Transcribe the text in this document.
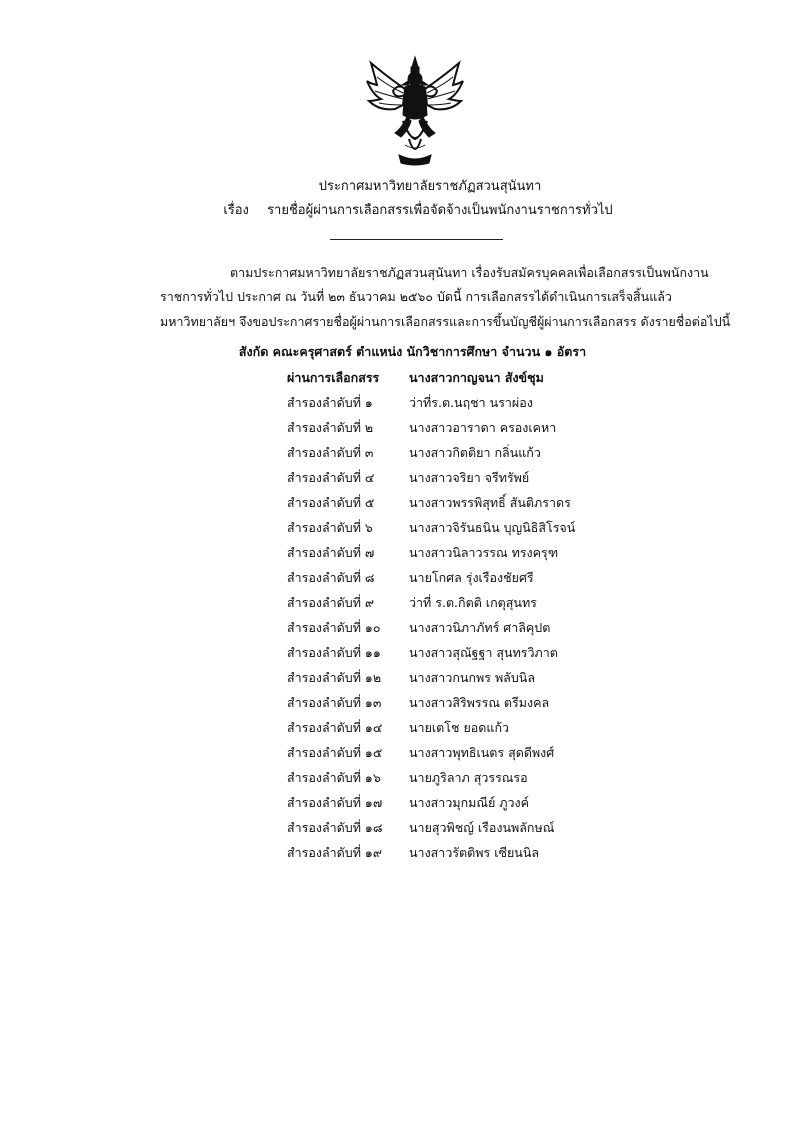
ประกาศมหาวิทยาลัยราชภัฏสวนสุนันทา
เรื่อง รายชื่อผู้ผ่านการเลือกสรรเพื่อจัดจ้างเป็นพนักงานราชการทั่วไป
ตามประกาศมหาวิทยาลัยราชภัฏสวนสุนันทา เรื่องรับสมัครบุคคลเพื่อเลือกสรรเป็นพนักงาน
ราชการทั่วไป ประกาศ ณ วันที่ ๒๓ ธันวาคม ๒๕๖๐ บัดนี้ การเลือกสรรได้ดำเนินการเสร็จสิ้นแล้ว
มหาวิทยาลัยฯ จึงขอประกาศรายชื่อผู้ผ่านการเลือกสรรและการขึ้นบัญชีผู้ผ่านการเลือกสรร ดังรายชื่อต่อไปนี้
สังกัด คณะครุศาสตร์ ตำแหน่ง นักวิชาการศึกษา จำนวน ๑ อัตรา
ผ่านการเลือกสรร	นางสาวกาญจนา สังข์ชุม
สำรองลำดับที่ ๑	ว่าที่ร.ต.นฤชา นราผ่อง
สำรองลำดับที่ ๒	นางสาวอาราดา ครองเคหา
สำรองลำดับที่ ๓	นางสาวกิตติยา กลิ่นแก้ว
สำรองลำดับที่ ๔	นางสาวจริยา จรีทรัพย์
สำรองลำดับที่ ๕	นางสาวพรรพิสุทธิ์ สันติภราดร
สำรองลำดับที่ ๖	นางสาวจิรันธนิน บุญนิธิสิโรจน์
สำรองลำดับที่ ๗	นางสาวนิลาวรรณ ทรงครุฑ
สำรองลำดับที่ ๘	นายโกศล รุ่งเรืองชัยศรี
สำรองลำดับที่ ๙	ว่าที่ ร.ต.กิตติ เกตุสุนทร
สำรองลำดับที่ ๑๐	นางสาวนิภาภัทร์ ศาลิคุปต
สำรองลำดับที่ ๑๑	นางสาวสุณัฐฐา สุนทรวิภาต
สำรองลำดับที่ ๑๒	นางสาวกนกพร พลับนิล
สำรองลำดับที่ ๑๓	นางสาวสิริพรรณ ตรีมงคล
สำรองลำดับที่ ๑๔	นายเตโช ยอดแก้ว
สำรองลำดับที่ ๑๕	นางสาวพุทธิเนตร สุดดีพงศ์
สำรองลำดับที่ ๑๖	นายภูริลาภ สุวรรณรอ
สำรองลำดับที่ ๑๗	นางสาวมุกมณีย์ ภูวงค์
สำรองลำดับที่ ๑๘	นายสุวพิชญ์ เรืองนพลักษณ์
สำรองลำดับที่ ๑๙	นางสาวรัตติพร เซียนนิล
